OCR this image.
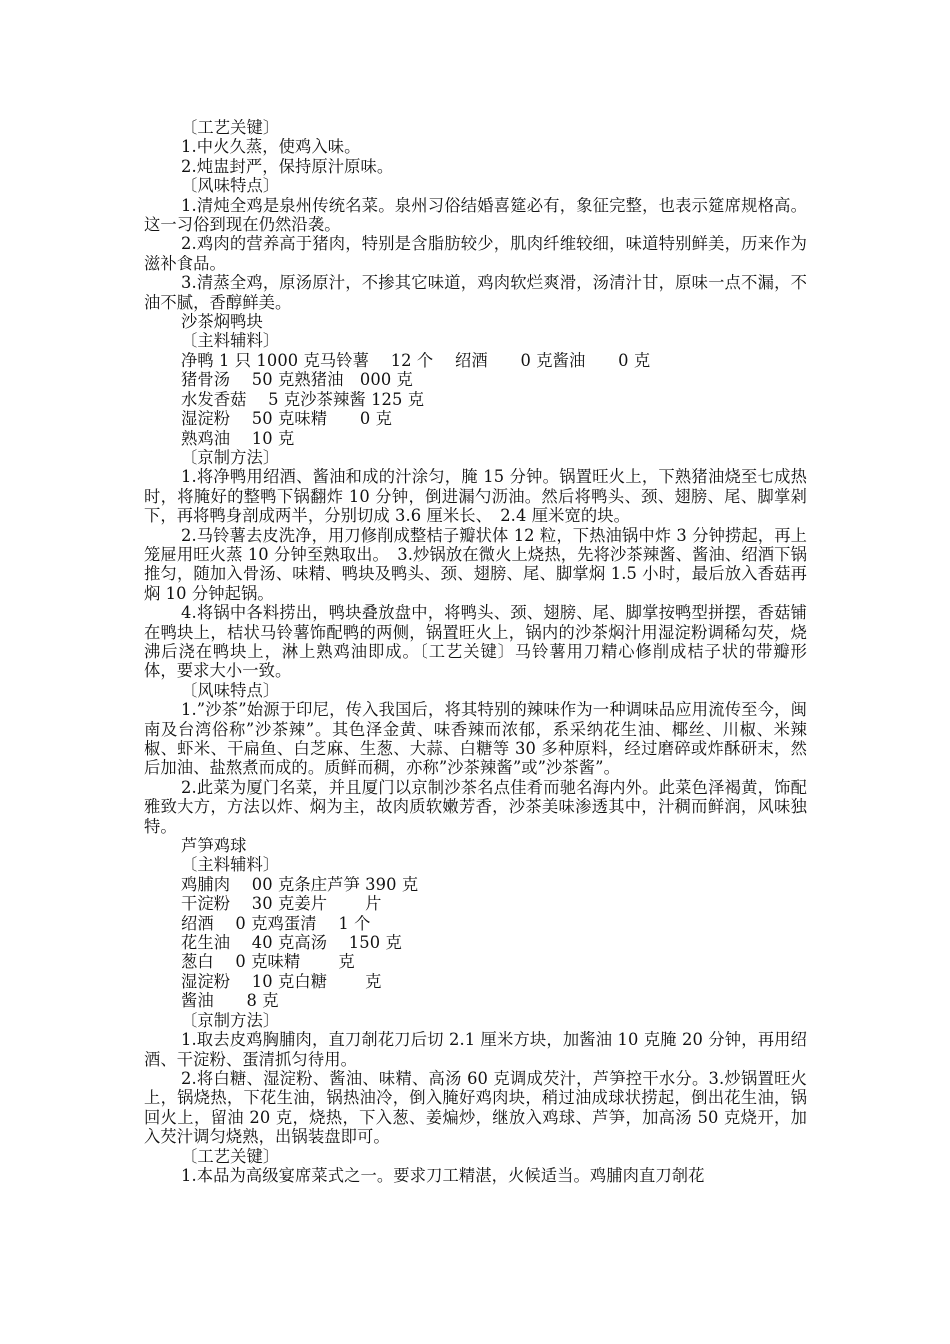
〔工艺关键〕
1.中火久蒸，使鸡入味。
2.炖盅封严，保持原汁原味。
〔风味特点〕
1.清炖全鸡是泉州传统名菜。泉州习俗结婚喜筵必有，象征完整，也表示筵席规格高。这一习俗到现在仍然沿袭。
2.鸡肉的营养高于猪肉，特别是含脂肪较少，肌肉纤维较细，味道特别鲜美，历来作为滋补食品。
3.清蒸全鸡，原汤原汁，不掺其它味道，鸡肉软烂爽滑，汤清汁甘，原味一点不漏，不油不腻，香醇鲜美。
沙茶焖鸭块
〔主料辅料〕
净鸭 1 只 1000 克马铃薯　 12 个　 绍酒　　0 克酱油　　0 克
猪骨汤　 50 克熟猪油　000 克
水发香菇　 5 克沙茶辣酱 125 克
湿淀粉　 50 克味精　　0 克
熟鸡油　 10 克
〔京制方法〕
1.将净鸭用绍酒、酱油和成的汁涂匀，腌 15 分钟。锅置旺火上，下熟猪油烧至七成热时，将腌好的整鸭下锅翻炸 10 分钟，倒进漏勺沥油。然后将鸭头、颈、翅膀、尾、脚掌剁下，再将鸭身剖成两半，分别切成 3.6 厘米长、　2.4 厘米宽的块。
2.马铃薯去皮洗净，用刀修削成整桔子瓣状体 12 粒，下热油锅中炸 3 分钟捞起，再上笼屉用旺火蒸 10 分钟至熟取出。　3.炒锅放在微火上烧热，先将沙茶辣酱、酱油、绍酒下锅推匀，随加入骨汤、味精、鸭块及鸭头、颈、翅膀、尾、脚掌焖 1.5 小时，最后放入香菇再焖 10 分钟起锅。
4.将锅中各料捞出，鸭块叠放盘中，将鸭头、颈、翅膀、尾、脚掌按鸭型拼摆，香菇铺在鸭块上，桔状马铃薯饰配鸭的两侧，锅置旺火上，锅内的沙茶焖汁用湿淀粉调稀勾芡，烧沸后浇在鸭块上，淋上熟鸡油即成。〔工艺关键〕马铃薯用刀精心修削成桔子状的带瓣形体，要求大小一致。
〔风味特点〕
1.”沙茶”始源于印尼，传入我国后，将其特别的辣味作为一种调味品应用流传至今，闽南及台湾俗称”沙茶辣”。其色泽金黄、味香辣而浓郁，系采纳花生油、椰丝、川椒、米辣椒、虾米、干扁鱼、白芝麻、生葱、大蒜、白糖等 30 多种原料，经过磨碎或炸酥研末，然后加油、盐熬煮而成的。质鲜而稠，亦称”沙茶辣酱”或”沙茶酱”。
2.此菜为厦门名菜，并且厦门以京制沙茶名点佳肴而驰名海内外。此菜色泽褐黄，饰配雅致大方，方法以炸、焖为主，故肉质软嫩芳香，沙茶美味渗透其中，汁稠而鲜润，风味独特。
芦笋鸡球
〔主料辅料〕
鸡脯肉　 00 克条庄芦笋 390 克
干淀粉　 30 克姜片　　 片
绍酒　 0 克鸡蛋清　 1 个
花生油　 40 克高汤　 150 克
葱白　 0 克味精　　 克
湿淀粉　 10 克白糖　　 克
酱油　　8 克
〔京制方法〕
1.取去皮鸡胸脯肉，直刀剞花刀后切 2.1 厘米方块，加酱油 10 克腌 20 分钟，再用绍酒、干淀粉、蛋清抓匀待用。
2.将白糖、湿淀粉、酱油、味精、高汤 60 克调成芡汁，芦笋控干水分。3.炒锅置旺火上，锅烧热，下花生油，锅热油冷，倒入腌好鸡肉块，稍过油成球状捞起，倒出花生油，锅回火上，留油 20 克，烧热，下入葱、姜煸炒，继放入鸡球、芦笋，加高汤 50 克烧开，加入芡汁调匀烧熟，出锅装盘即可。
〔工艺关键〕
1.本品为高级宴席菜式之一。要求刀工精湛，火候适当。鸡脯肉直刀剞花
